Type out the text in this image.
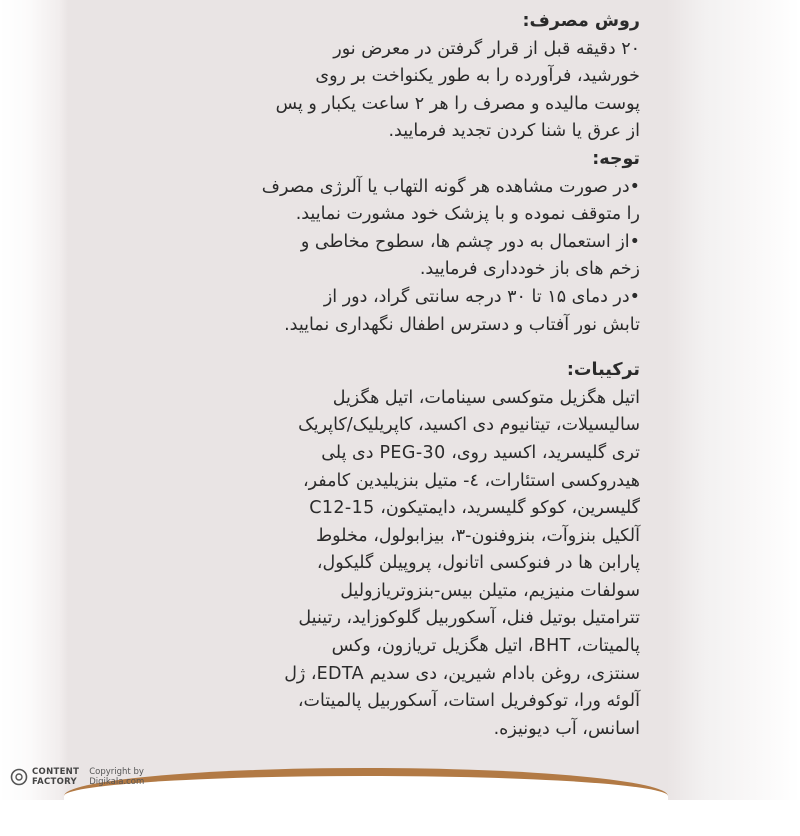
روش مصرف:
۲۰ دقیقه قبل از قرار گرفتن در معرض نور
خورشید، فرآورده را به طور یکنواخت بر روی
پوست مالیده و مصرف را هر ۲ ساعت یکبار و پس
از عرق یا شنا کردن تجدید فرمایید.
توجه:
•در صورت مشاهده هر گونه التهاب یا آلرژی مصرف
را متوقف نموده و با پزشک خود مشورت نمایید.
•از استعمال به دور چشم ها، سطوح مخاطی و
زخم های باز خودداری فرمایید.
•در دمای ۱۵ تا ۳۰ درجه سانتی گراد، دور از
تابش نور آفتاب و دسترس اطفال نگهداری نمایید.
ترکیبات:
اتیل هگزیل متوکسی سینامات، اتیل هگزیل
سالیسیلات، تیتانیوم دی اکسید، کاپریلیک/کاپریک
تری گلیسرید، اکسید روی، PEG-30 دی پلی
هیدروکسی استئارات، ٤- متیل بنزیلیدین کامفر،
گلیسرین، کوکو گلیسرید، دایمتیکون، C12-15
آلکیل بنزوآت، بنزوفنون-۳، بیزابولول، مخلوط
پارابن ها در فنوکسی اتانول، پروپیلن گلیکول،
سولفات منیزیم، متیلن بیس-بنزوتریازولیل
تترامتیل بوتیل فنل، آسکوربیل گلوکوزاید، رتینیل
پالمیتات، BHT، اتیل هگزیل تریازون، وکس
سنتزی، روغن بادام شیرین، دی سدیم EDTA، ژل
آلوئه ورا، توکوفریل استات، آسکوربیل پالمیتات،
اسانس، آب دیونیزه.
CONTENT
FACTORY
Copyright by
Digikala.com
